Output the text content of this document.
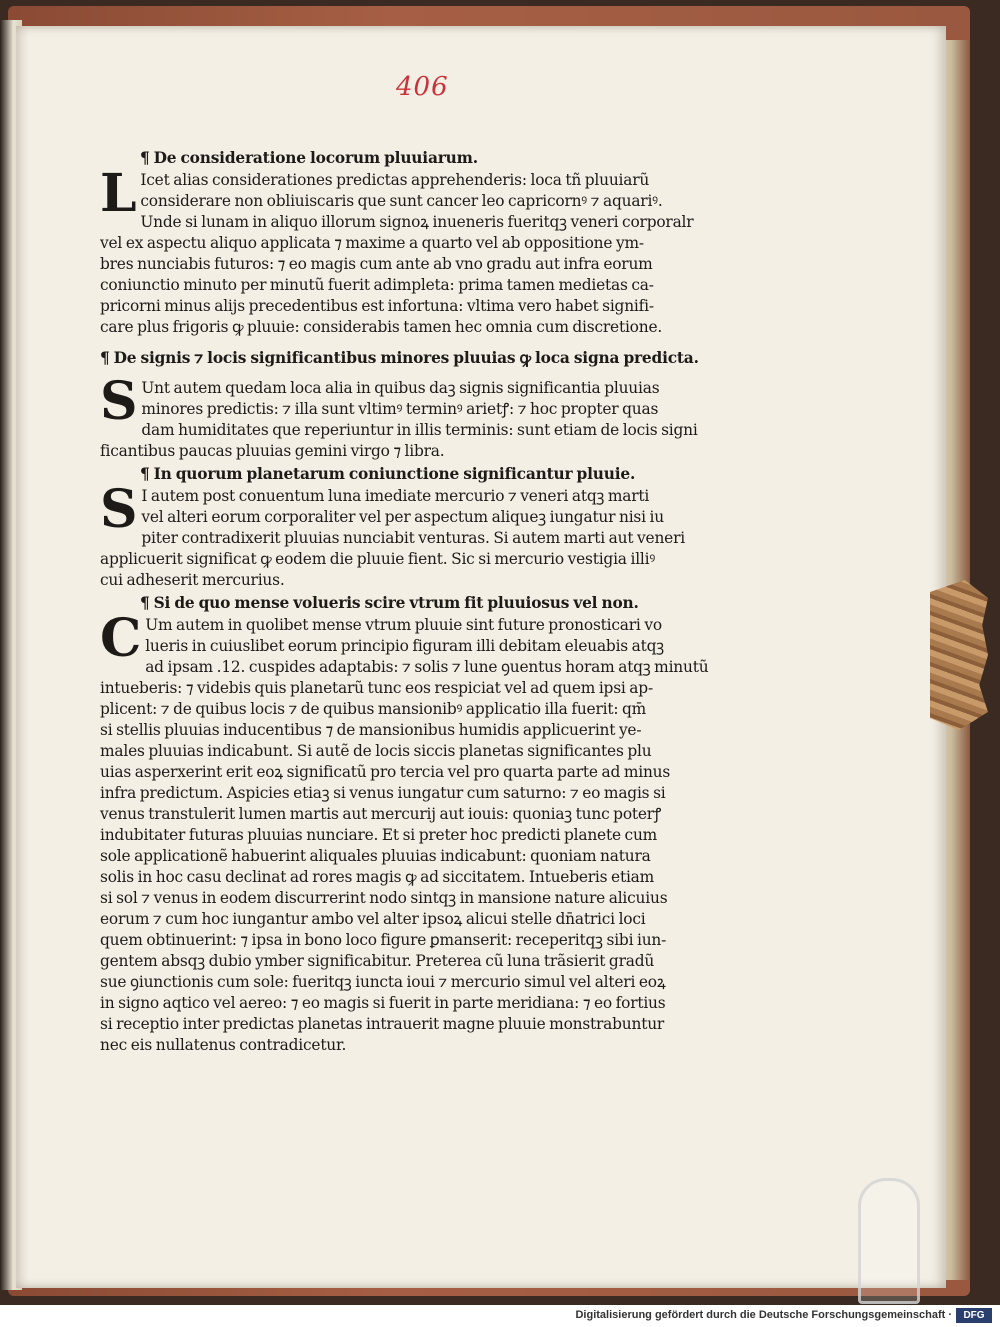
406
¶ De consideratione locorum pluuiarum.
L Icet alias considerationes predictas apprehenderis: loca tñ pluuiarũ
considerare non obliuiscaris que sunt cancer leo capricornꝰ ⁊ aquariꝰ.
Unde si lunam in aliquo illorum signoꝝ inueneris fueritqꝫ veneri corporalr
vel ex aspectu aliquo applicata ⁊ maxime a quarto vel ab oppositione ym-
bres nunciabis futuros: ⁊ eo magis cum ante ab vno gradu aut infra eorum
coniunctio minuto per minutũ fuerit adimpleta: prima tamen medietas ca-
pricorni minus alijs precedentibus est infortuna: vltima vero habet signifi-
care plus frigoris ꝙ pluuie: considerabis tamen hec omnia cum discretione.
¶ De signis ⁊ locis significantibus minores pluuias ꝙ loca signa predicta.
S Unt autem quedam loca alia in quibus daꝫ signis significantia pluuias
minores predictis: ⁊ illa sunt vltimꝰ terminꝰ arietꝭ: ⁊ hoc propter quas
dam humiditates que reperiuntur in illis terminis: sunt etiam de locis signi
ficantibus paucas pluuias gemini virgo ⁊ libra.
¶ In quorum planetarum coniunctione significantur pluuie.
S I autem post conuentum luna imediate mercurio ⁊ veneri atqꝫ marti
vel alteri eorum corporaliter vel per aspectum aliqueꝫ iungatur nisi iu
piter contradixerit pluuias nunciabit venturas. Si autem marti aut veneri
applicuerit significat ꝙ eodem die pluuie fient. Sic si mercurio vestigia illiꝰ
cui adheserit mercurius.
¶ Si de quo mense volueris scire vtrum fit pluuiosus vel non.
C Um autem in quolibet mense vtrum pluuie sint future pronosticari vo
lueris in cuiuslibet eorum principio figuram illi debitam eleuabis atqꝫ
ad ipsam .12. cuspides adaptabis: ⁊ solis ⁊ lune ꝯuentus horam atqꝫ minutũ
intueberis: ⁊ videbis quis planetarũ tunc eos respiciat vel ad quem ipsi ap-
plicent: ⁊ de quibus locis ⁊ de quibus mansionibꝰ applicatio illa fuerit: qm̄
si stellis pluuias inducentibus ⁊ de mansionibus humidis applicuerint ye-
males pluuias indicabunt. Si autẽ de locis siccis planetas significantes plu
uias asperxerint erit eoꝝ significatũ pro tercia vel pro quarta parte ad minus
infra predictum. Aspicies etiaꝫ si venus iungatur cum saturno: ⁊ eo magis si
venus transtulerit lumen martis aut mercurij aut iouis: quoniaꝫ tunc poterꝭ
indubitater futuras pluuias nunciare. Et si preter hoc predicti planete cum
sole applicationẽ habuerint aliquales pluuias indicabunt: quoniam natura
solis in hoc casu declinat ad rores magis ꝙ ad siccitatem. Intueberis etiam
si sol ⁊ venus in eodem discurrerint nodo sintqꝫ in mansione nature alicuius
eorum ⁊ cum hoc iungantur ambo vel alter ipsoꝝ alicui stelle dn̄atrici loci
quem obtinuerint: ⁊ ipsa in bono loco figure ꝑmanserit: receperitqꝫ sibi iun-
gentem absqꝫ dubio ymber significabitur. Preterea cũ luna trãsierit gradũ
sue ꝯiunctionis cum sole: fueritqꝫ iuncta ioui ⁊ mercurio simul vel alteri eoꝝ
in signo aqtico vel aereo: ⁊ eo magis si fuerit in parte meridiana: ⁊ eo fortius
si receptio inter predictas planetas intrauerit magne pluuie monstrabuntur
nec eis nullatenus contradicetur.
Digitalisierung gefördert durch die Deutsche Forschungsgemeinschaft ·	DFG
